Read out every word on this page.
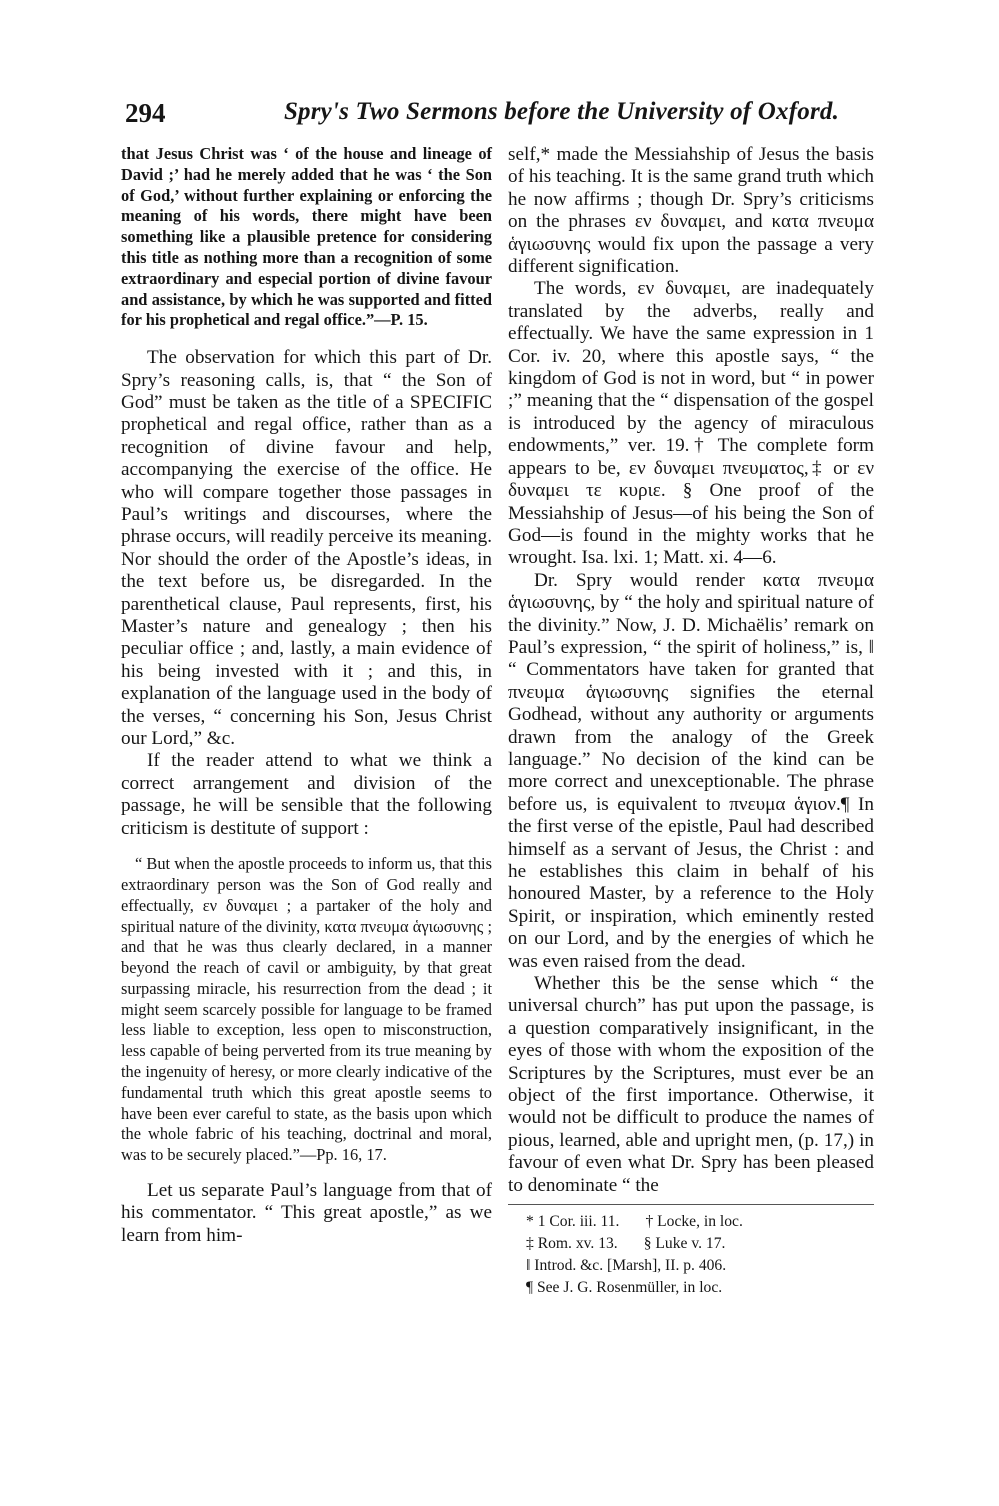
294	Spry's Two Sermons before the University of Oxford.

that Jesus Christ was ‘ of the house and lineage of David ;’ had he merely added that he was ‘ the Son of God,’ without further explaining or enforcing the meaning of his words, there might have been something like a plausible pretence for considering this title as nothing more than a recognition of some extraordinary and especial portion of divine favour and assistance, by which he was supported and fitted for his prophetical and regal office.”—P. 15.

The observation for which this part of Dr. Spry’s reasoning calls, is, that “ the Son of God” must be taken as the title of a SPECIFIC prophetical and regal office, rather than as a recognition of divine favour and help, accompanying the exercise of the office. He who will compare together those passages in Paul’s writings and discourses, where the phrase occurs, will readily perceive its meaning. Nor should the order of the Apostle’s ideas, in the text before us, be disregarded. In the parenthetical clause, Paul represents, first, his Master’s nature and genealogy ; then his peculiar office ; and, lastly, a main evidence of his being invested with it ; and this, in explanation of the language used in the body of the verses, “ concerning his Son, Jesus Christ our Lord,” &c.

If the reader attend to what we think a correct arrangement and division of the passage, he will be sensible that the following criticism is destitute of support :

“ But when the apostle proceeds to inform us, that this extraordinary person was the Son of God really and effectually, εν δυναμει ; a partaker of the holy and spiritual nature of the divinity, κατα πνευμα ἁγιωσυνης ; and that he was thus clearly declared, in a manner beyond the reach of cavil or ambiguity, by that great surpassing miracle, his resurrection from the dead ; it might seem scarcely possible for language to be framed less liable to exception, less open to misconstruction, less capable of being perverted from its true meaning by the ingenuity of heresy, or more clearly indicative of the fundamental truth which this great apostle seems to have been ever careful to state, as the basis upon which the whole fabric of his teaching, doctrinal and moral, was to be securely placed.”—Pp. 16, 17.

Let us separate Paul’s language from that of his commentator. “ This great apostle,” as we learn from him-

self,* made the Messiahship of Jesus the basis of his teaching. It is the same grand truth which he now affirms ; though Dr. Spry’s criticisms on the phrases εν δυναμει, and κατα πνευμα ἁγιωσυνης would fix upon the passage a very different signification.

The words, εν δυναμει, are inadequately translated by the adverbs, really and effectually. We have the same expression in 1 Cor. iv. 20, where this apostle says, “ the kingdom of God is not in word, but “ in power ;” meaning that the “ dispensation of the gospel is introduced by the agency of miraculous endowments,” ver. 19.† The complete form appears to be, εν δυναμει πνευματος,‡ or εν δυναμει τε κυριε. § One proof of the Messiahship of Jesus—of his being the Son of God—is found in the mighty works that he wrought. Isa. lxi. 1; Matt. xi. 4—6.

Dr. Spry would render κατα πνευμα ἁγιωσυνης, by “ the holy and spiritual nature of the divinity.” Now, J. D. Michaëlis’ remark on Paul’s expression, “ the spirit of holiness,” is, ‖ “ Commentators have taken for granted that πνευμα ἁγιωσυνης signifies the eternal Godhead, without any authority or arguments drawn from the analogy of the Greek language.” No decision of the kind can be more correct and unexceptionable. The phrase before us, is equivalent to πνευμα ἁγιον.¶ In the first verse of the epistle, Paul had described himself as a servant of Jesus, the Christ : and he establishes this claim in behalf of his honoured Master, by a reference to the Holy Spirit, or inspiration, which eminently rested on our Lord, and by the energies of which he was even raised from the dead.

Whether this be the sense which “ the universal church” has put upon the passage, is a question comparatively insignificant, in the eyes of those with whom the exposition of the Scriptures by the Scriptures, must ever be an object of the first importance. Otherwise, it would not be difficult to produce the names of pious, learned, able and upright men, (p. 17,) in favour of even what Dr. Spry has been pleased to denominate “ the

* 1 Cor. iii. 11. † Locke, in loc.
‡ Rom. xv. 13. § Luke v. 17.
‖ Introd. &c. [Marsh], II. p. 406.
¶ See J. G. Rosenmüller, in loc.
